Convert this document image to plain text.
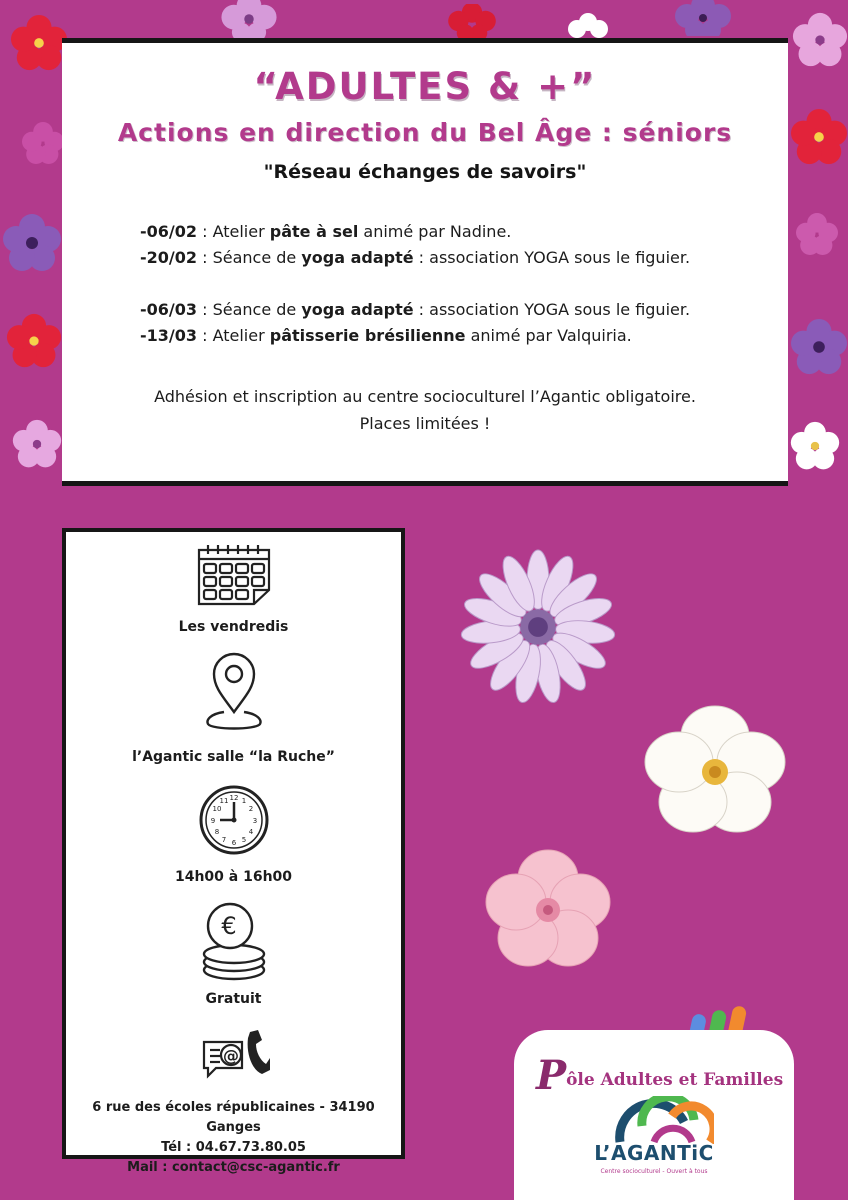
“ADULTES & +”
Actions en direction du Bel Âge : séniors
"Réseau échanges de savoirs"
-06/02 : Atelier pâte à sel animé par Nadine.
-20/02 : Séance de yoga adapté : association YOGA sous le figuier.
-06/03 : Séance de yoga adapté : association YOGA sous le figuier.
-13/03 : Atelier pâtisserie brésilienne animé par Valquiria.
Adhésion et inscription au centre socioculturel l’Agantic obligatoire.
Places limitées !
Les vendredis
l’Agantic salle “la Ruche”
12 1
2
3
4
5
6
7
8
9
10
11
14h00 à 16h00
€
Gratuit
@
6 rue des écoles républicaines - 34190 Ganges
Tél : 04.67.73.80.05
Mail : contact@csc-agantic.fr
Pôle Adultes et Familles
L’AGANTiC
Centre socioculturel - Ouvert à tous
